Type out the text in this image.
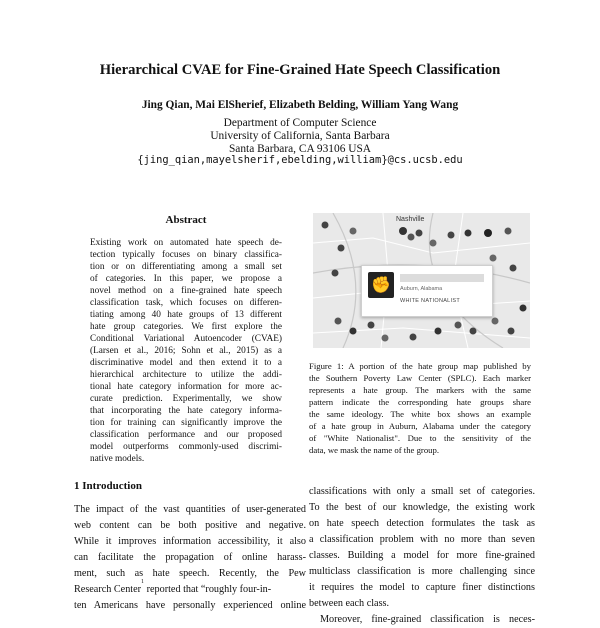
Hierarchical CVAE for Fine-Grained Hate Speech Classification
Jing Qian, Mai ElSherief, Elizabeth Belding, William Yang Wang
Department of Computer Science
University of California, Santa Barbara
Santa Barbara, CA 93106 USA
{jing_qian,mayelsherif,ebelding,william}@cs.ucsb.edu
Abstract
Existing work on automated hate speech de-
tection typically focuses on binary classifica-
tion or on differentiating among a small set
of categories. In this paper, we propose a
novel method on a fine-grained hate speech
classification task, which focuses on differen-
tiating among 40 hate groups of 13 different
hate group categories. We first explore the
Conditional Variational Autoencoder (CVAE)
(Larsen et al., 2016; Sohn et al., 2015) as a
discriminative model and then extend it to a
hierarchical architecture to utilize the addi-
tional hate category information for more ac-
curate prediction. Experimentally, we show
that incorporating the hate category informa-
tion for training can significantly improve the
classification performance and our proposed
model outperforms commonly-used discrimi-
native models.
1 Introduction
The impact of the vast quantities of user-generated
web content can be both positive and negative.
While it improves information accessibility, it also
can facilitate the propagation of online harass-
ment, such as hate speech. Recently, the Pew
Research Center$^1$ reported that “roughly four-in-
ten Americans have personally experienced online
Nashville
✊	Auburn, Alabama
WHITE NATIONALIST
Figure 1: A portion of the hate group map published by
the Southern Poverty Law Center (SPLC). Each marker
represents a hate group. The markers with the same
pattern indicate the corresponding hate groups share
the same ideology. The white box shows an example
of a hate group in Auburn, Alabama under the category
of "White Nationalist". Due to the sensitivity of the
data, we mask the name of the group.
classifications with only a small set of categories.
To the best of our knowledge, the existing work
on hate speech detection formulates the task as
a classification problem with no more than seven
classes. Building a model for more fine-grained
multiclass classification is more challenging since
it requires the model to capture finer distinctions
between each class.
Moreover, fine-grained classification is neces-
